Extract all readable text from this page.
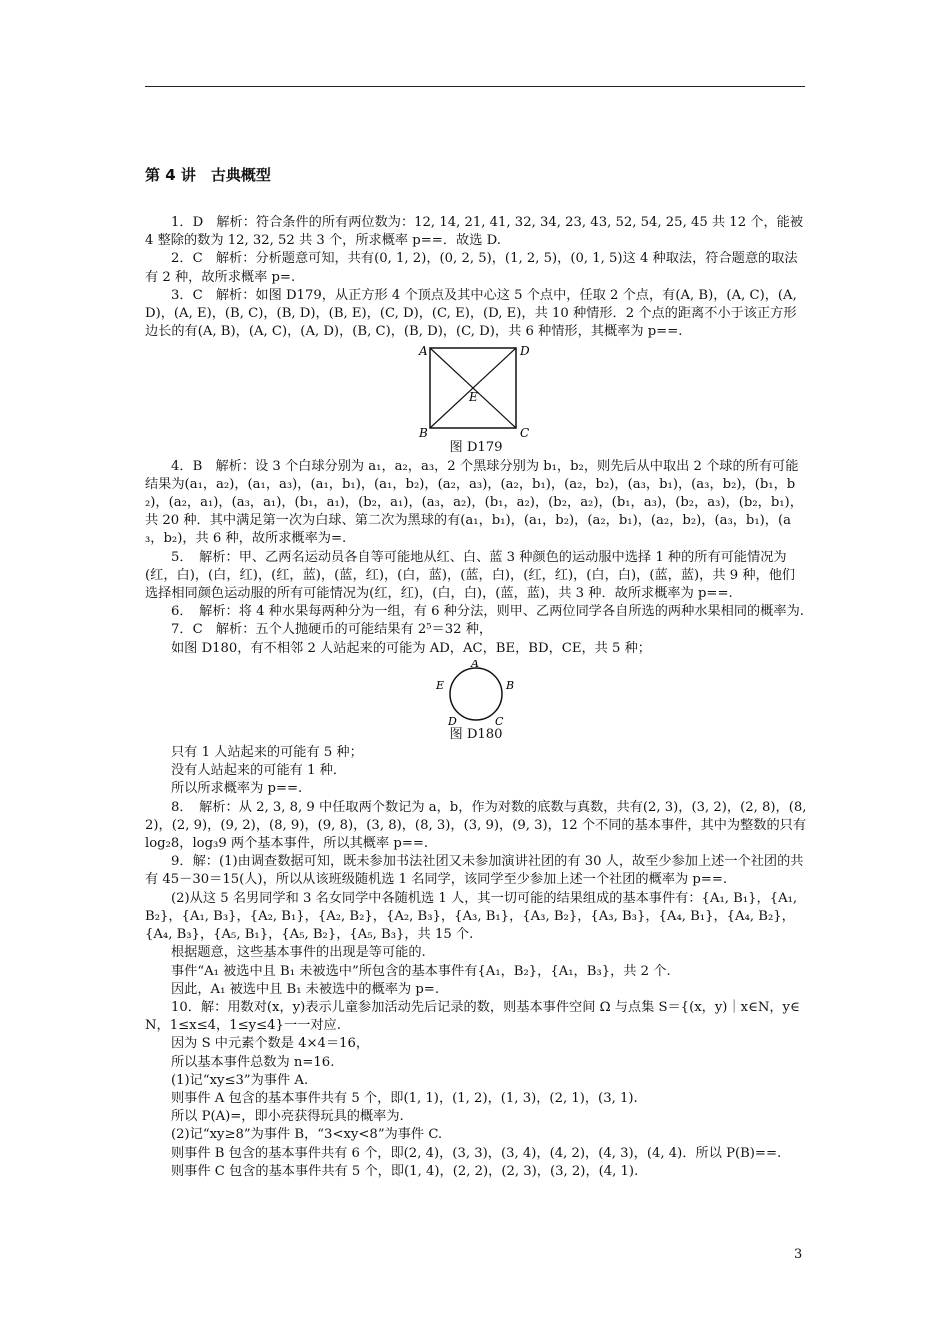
第 4 讲　古典概型

1．D　解析：符合条件的所有两位数为：12, 14, 21, 41, 32, 34, 23, 43, 52, 54, 25, 45 共 12 个，能被 4 整除的数为 12, 32, 52 共 3 个，所求概率 p==．故选 D.

2．C　解析：分析题意可知，共有(0, 1, 2)，(0, 2, 5)，(1, 2, 5)，(0, 1, 5)这 4 种取法，符合题意的取法有 2 种，故所求概率 p=.

3．C　解析：如图 D179，从正方形 4 个顶点及其中心这 5 个点中，任取 2 个点，有(A, B)，(A, C)，(A, D)，(A, E)，(B, C)，(B, D)，(B, E)，(C, D)，(C, E)，(D, E)，共 10 种情形．2 个点的距离不小于该正方形边长的有(A, B)，(A, C)，(A, D)，(B, C)，(B, D)，(C, D)，共 6 种情形，其概率为 p==.

A	D
E
B	C
图 D179

4．B　解析：设 3 个白球分别为 a₁，a₂，a₃，2 个黑球分别为 b₁，b₂，则先后从中取出 2 个球的所有可能结果为(a₁，a₂)，(a₁，a₃)，(a₁，b₁)，(a₁，b₂)，(a₂，a₃)，(a₂，b₁)，(a₂，b₂)，(a₃，b₁)，(a₃，b₂)，(b₁，b₂)，(a₂，a₁)，(a₃，a₁)，(b₁，a₁)，(b₂，a₁)，(a₃，a₂)，(b₁，a₂)，(b₂，a₂)，(b₁，a₃)，(b₂，a₃)，(b₂，b₁)，共 20 种．其中满足第一次为白球、第二次为黑球的有(a₁，b₁)，(a₁，b₂)，(a₂，b₁)，(a₂，b₂)，(a₃，b₁)，(a₃，b₂)，共 6 种，故所求概率为=.

5．　解析：甲、乙两名运动员各自等可能地从红、白、蓝 3 种颜色的运动服中选择 1 种的所有可能情况为(红，白)，(白，红)，(红，蓝)，(蓝，红)，(白，蓝)，(蓝，白)，(红，红)，(白，白)，(蓝，蓝)，共 9 种，他们选择相同颜色运动服的所有可能情况为(红，红)，(白，白)，(蓝，蓝)，共 3 种．故所求概率为 p==.

6．　解析：将 4 种水果每两种分为一组，有 6 种分法，则甲、乙两位同学各自所选的两种水果相同的概率为.

7．C　解析：五个人抛硬币的可能结果有 2⁵＝32 种，

如图 D180，有不相邻 2 人站起来的可能为 AD，AC，BE，BD，CE，共 5 种；

A
B
C
D
E
图 D180

只有 1 人站起来的可能有 5 种；

没有人站起来的可能有 1 种．

所以所求概率为 p==.

8．　解析：从 2, 3, 8, 9 中任取两个数记为 a，b，作为对数的底数与真数，共有(2, 3)，(3, 2)，(2, 8)，(8, 2)，(2, 9)，(9, 2)，(8, 9)，(9, 8)，(3, 8)，(8, 3)，(3, 9)，(9, 3)，12 个不同的基本事件，其中为整数的只有 log₂8，log₃9 两个基本事件，所以其概率 p==.

9．解：(1)由调查数据可知，既未参加书法社团又未参加演讲社团的有 30 人，故至少参加上述一个社团的共有 45－30＝15(人)，所以从该班级随机选 1 名同学，该同学至少参加上述一个社团的概率为 p==.

(2)从这 5 名男同学和 3 名女同学中各随机选 1 人，其一切可能的结果组成的基本事件有：{A₁, B₁}，{A₁, B₂}，{A₁, B₃}，{A₂, B₁}，{A₂, B₂}，{A₂, B₃}，{A₃, B₁}，{A₃, B₂}，{A₃, B₃}，{A₄, B₁}，{A₄, B₂}，{A₄, B₃}，{A₅, B₁}，{A₅, B₂}，{A₅, B₃}，共 15 个.

根据题意，这些基本事件的出现是等可能的.

事件“A₁ 被选中且 B₁ 未被选中”所包含的基本事件有{A₁，B₂}，{A₁，B₃}，共 2 个.

因此，A₁ 被选中且 B₁ 未被选中的概率为 p=.

10．解：用数对(x，y)表示儿童参加活动先后记录的数，则基本事件空间 Ω 与点集 S＝{(x，y)｜x∈N，y∈N，1≤x≤4，1≤y≤4}一一对应.

因为 S 中元素个数是 4×4＝16，

所以基本事件总数为 n=16.

(1)记“xy≤3”为事件 A.

则事件 A 包含的基本事件共有 5 个，即(1, 1)，(1, 2)，(1, 3)，(2, 1)，(3, 1).

所以 P(A)=，即小亮获得玩具的概率为.

(2)记“xy≥8”为事件 B，“3<xy<8”为事件 C.

则事件 B 包含的基本事件共有 6 个，即(2, 4)，(3, 3)，(3, 4)，(4, 2)，(4, 3)，(4, 4)．所以 P(B)==.

则事件 C 包含的基本事件共有 5 个，即(1, 4)，(2, 2)，(2, 3)，(3, 2)，(4, 1).

3
